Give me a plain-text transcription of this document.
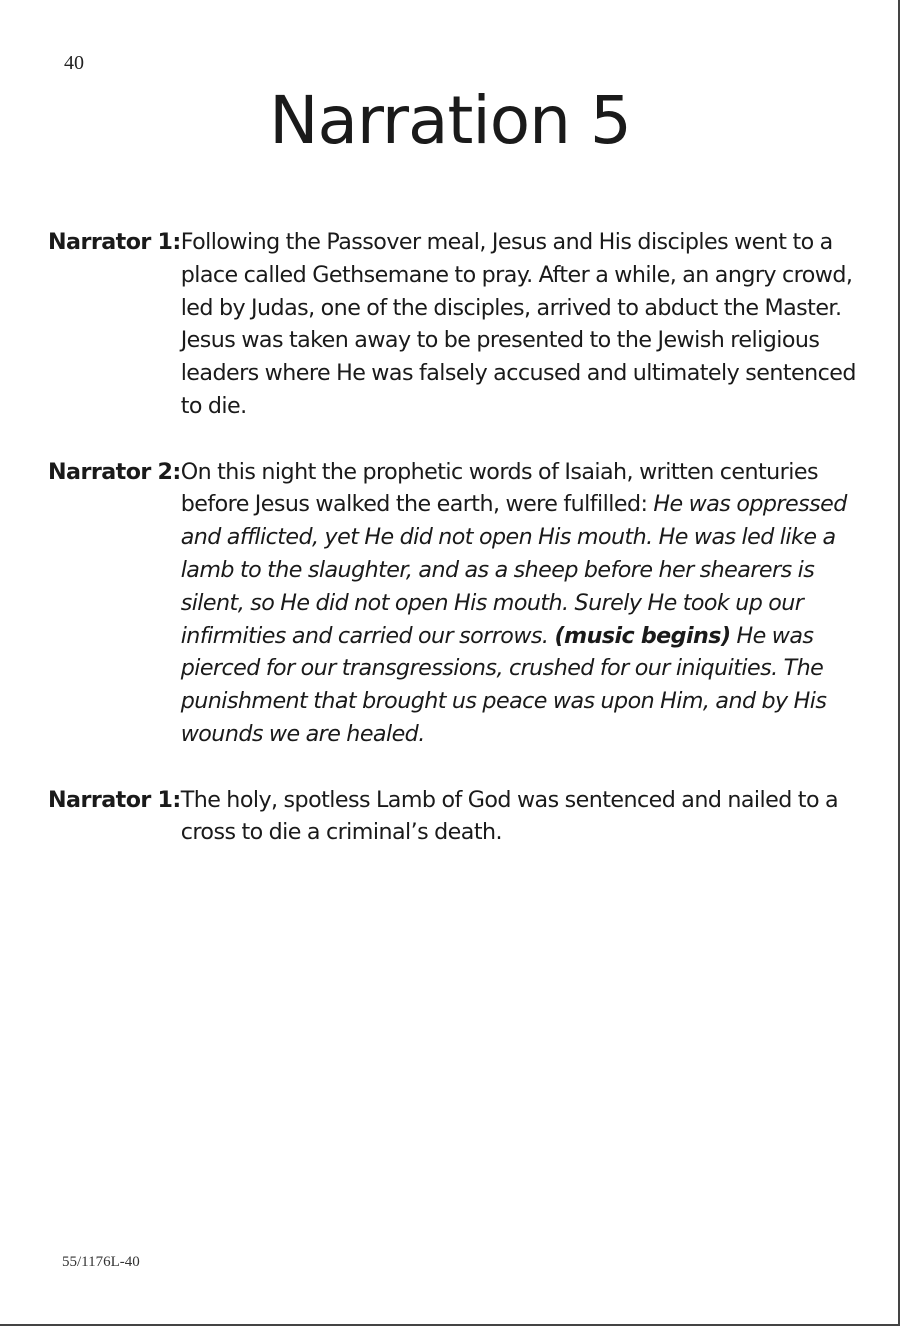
40
Narration 5
Narrator 1: Following the Passover meal, Jesus and His disciples went to a place called Gethsemane to pray. After a while, an angry crowd, led by Judas, one of the disciples, arrived to abduct the Master. Jesus was taken away to be presented to the Jewish religious leaders where He was falsely accused and ultimately sentenced to die.
Narrator 2: On this night the prophetic words of Isaiah, written centuries before Jesus walked the earth, were fulfilled: He was oppressed and afflicted, yet He did not open His mouth. He was led like a lamb to the slaughter, and as a sheep before her shearers is silent, so He did not open His mouth. Surely He took up our infirmities and carried our sorrows. (music begins) He was pierced for our transgressions, crushed for our iniquities. The punishment that brought us peace was upon Him, and by His wounds we are healed.
Narrator 1: The holy, spotless Lamb of God was sentenced and nailed to a cross to die a criminal’s death.
55/1176L-40
